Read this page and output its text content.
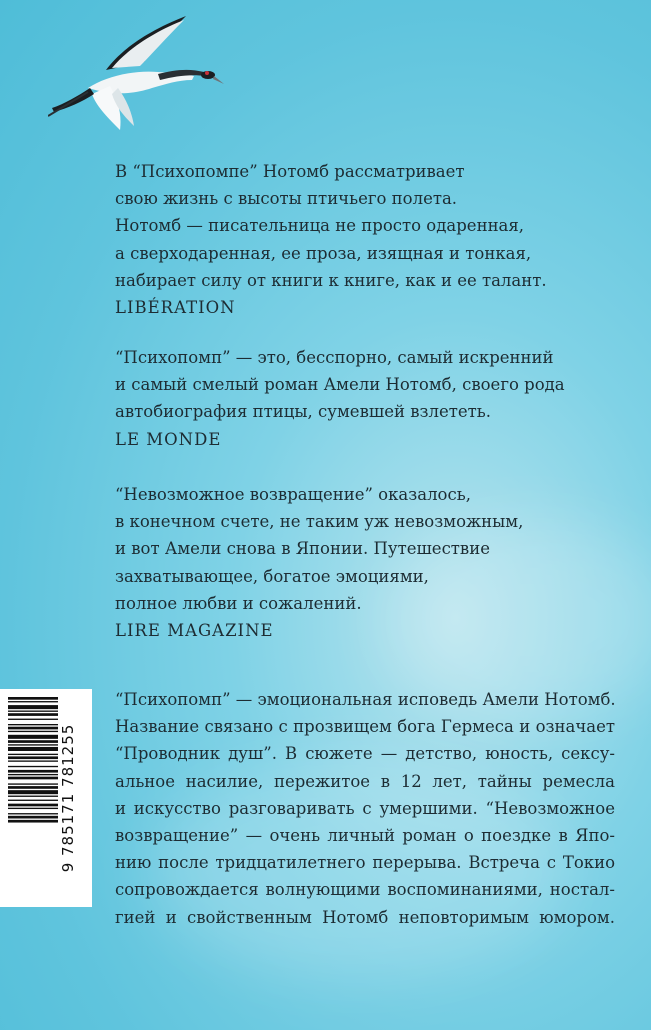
В “Психопомпе” Нотомб рассматривает

свою жизнь с высоты птичьего полета.

Нотомб — писательница не просто одаренная,

а сверходаренная, ее проза, изящная и тонкая,

набирает силу от книги к книге, как и ее талант.

LIBÉRATION

“Психопомп” — это, бесспорно, самый искренний

и самый смелый роман Амели Нотомб, своего рода

автобиография птицы, сумевшей взлететь.

LE MONDE

“Невозможное возвращение” оказалось,

в конечном счете, не таким уж невозможным,

и вот Амели снова в Японии. Путешествие

захватывающее, богатое эмоциями,

полное любви и сожалений.

LIRE MAGAZINE

9 785171 781255

“Психопомп” — эмоциональная исповедь Амели Нотомб.

Название связано с прозвищем бога Гермеса и означает

“Проводник душ”. В сюжете — детство, юность, сексу-

альное насилие, пережитое в 12 лет, тайны ремесла

и искусство разговаривать с умершими. “Невозможное

возвращение” — очень личный роман о поездке в Япо-

нию после тридцатилетнего перерыва. Встреча с Токио

сопровождается волнующими воспоминаниями, ностал-

гией и свойственным Нотомб неповторимым юмором.
